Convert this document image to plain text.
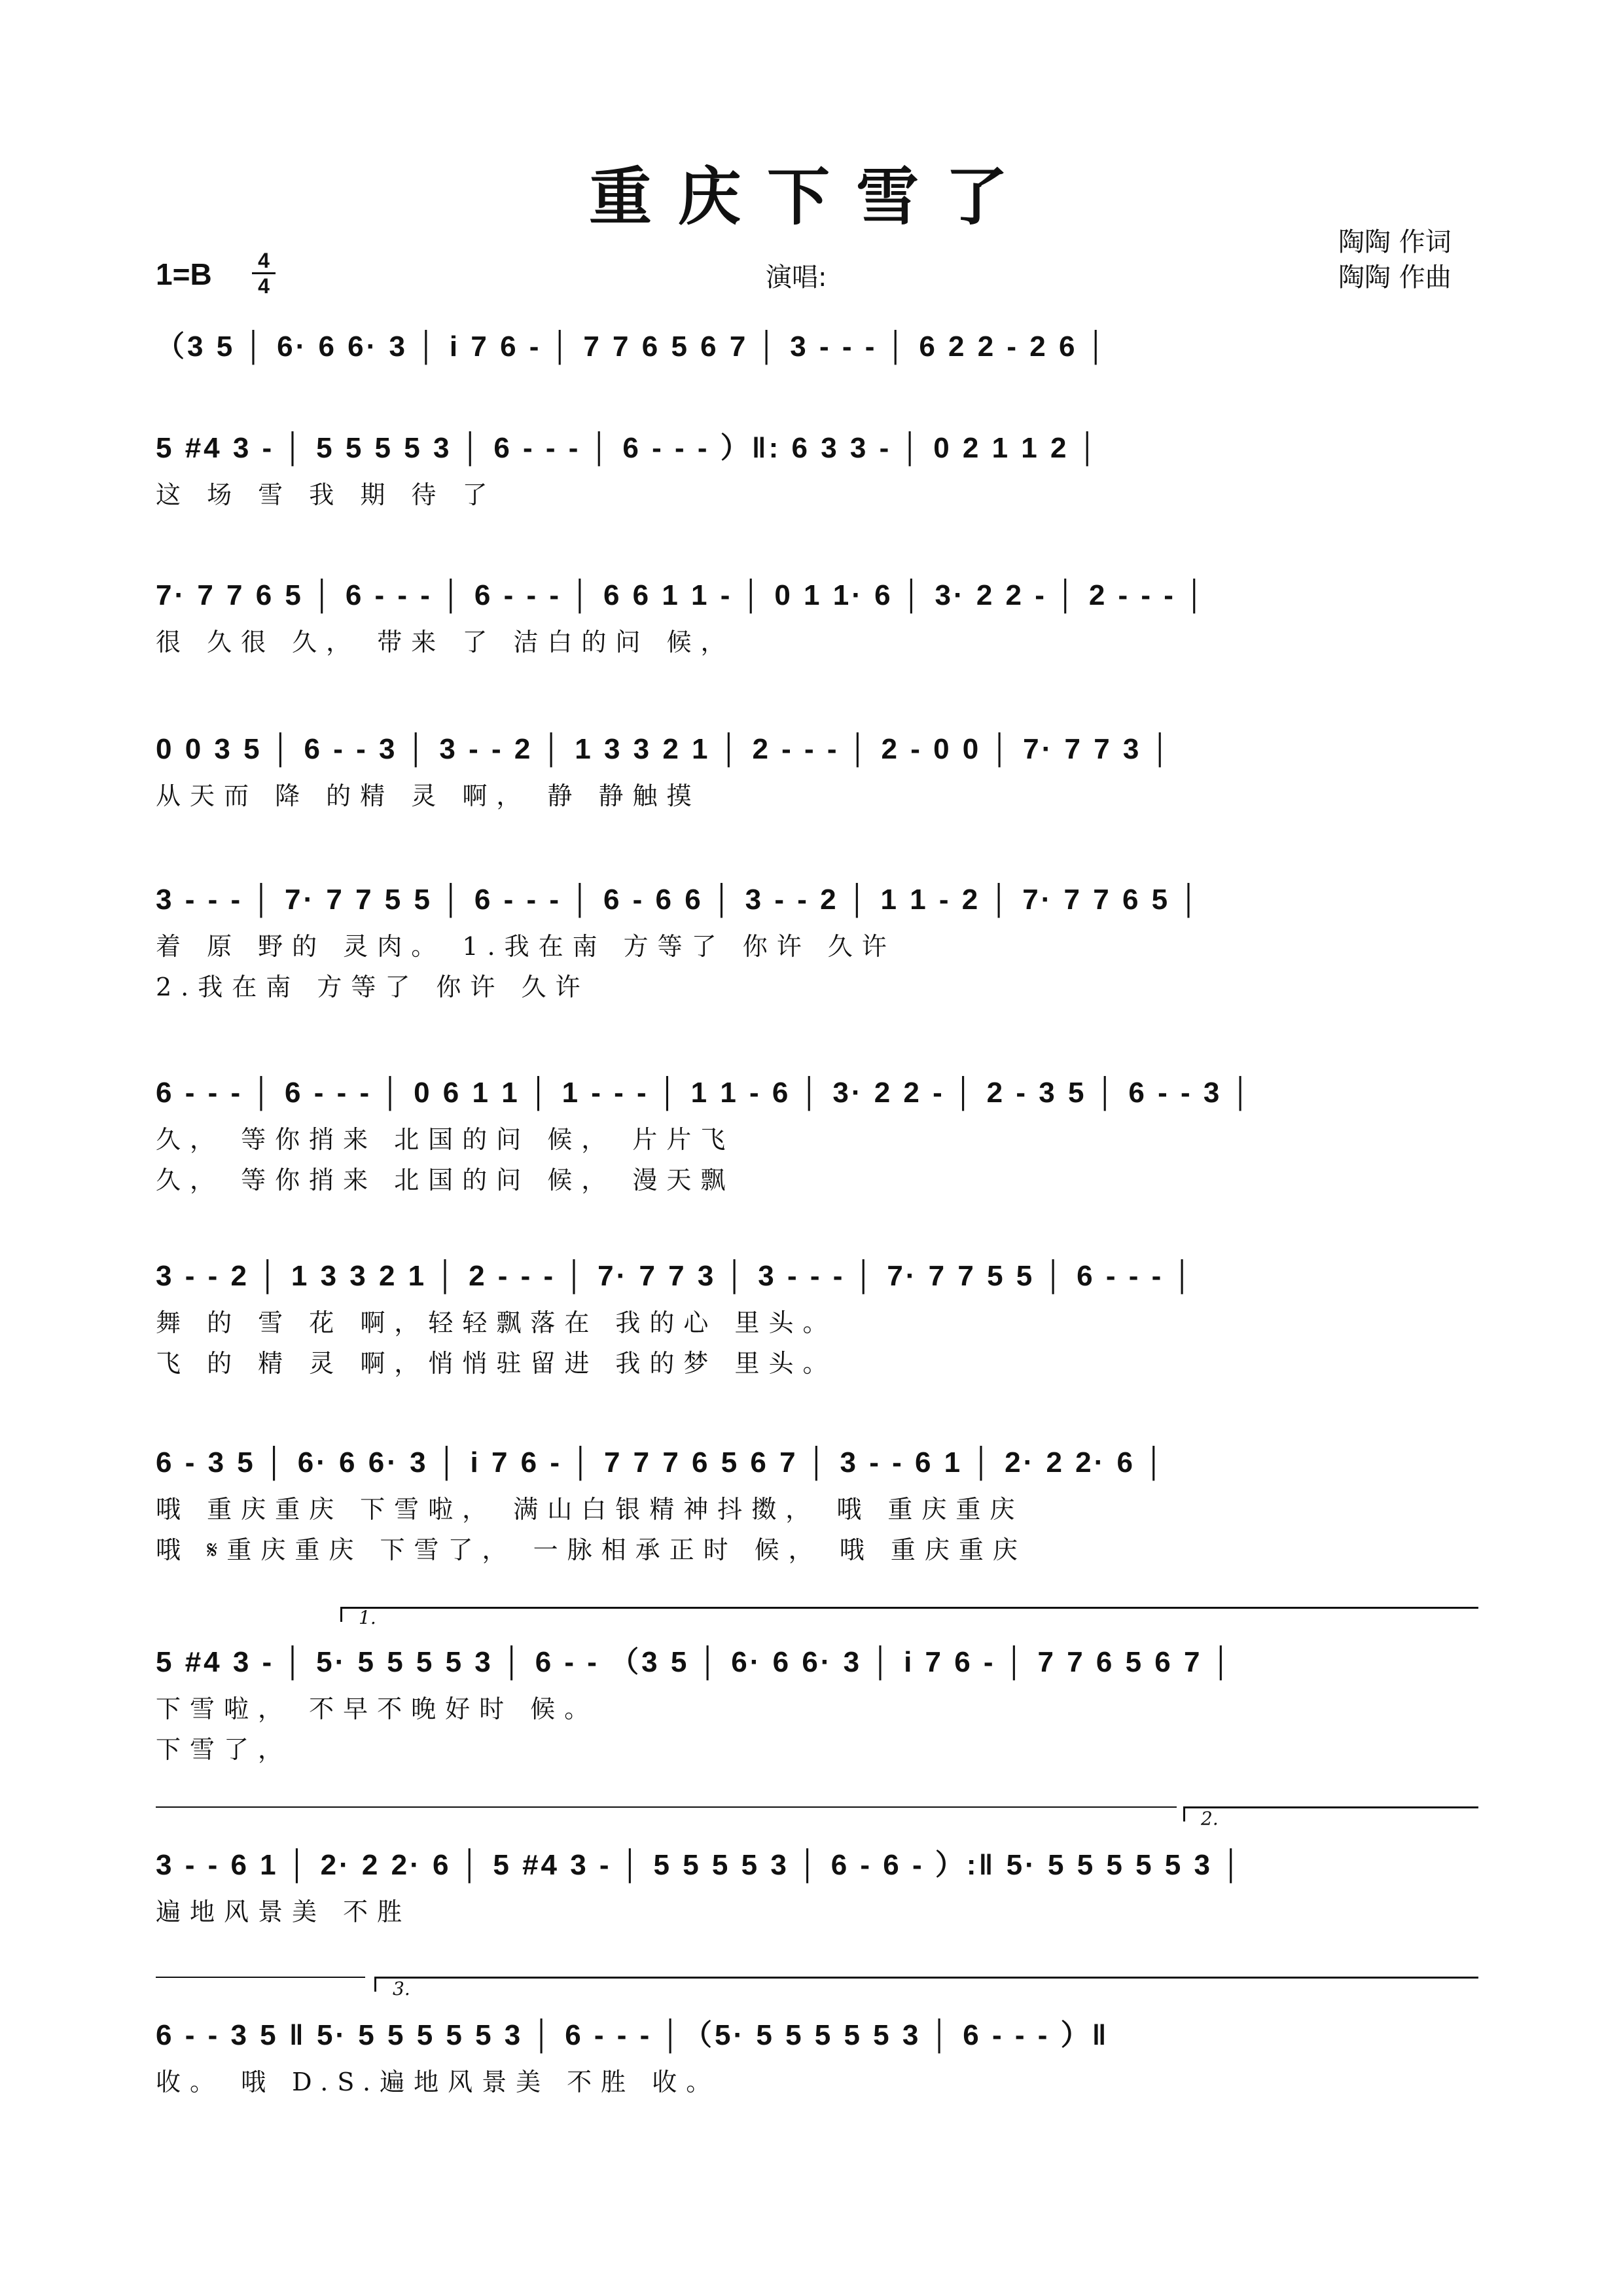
重庆下雪了
1=B 4
4	演唱:
陶陶 作词
陶陶 作曲
（3 5 │ 6· 6 6· 3 │ i 7 6 - │ 7 7 6 5 6 7 │ 3 - - - │ 6 2 2 - 2 6 │
5 #4 3 - │ 5 5 5 5 3 │ 6 - - - │ 6 - - - ）‖: 6 3 3 - │ 0 2 1 1 2 │
这 场 雪 我 期 待 了
7· 7 7 6 5 │ 6 - - - │ 6 - - - │ 6 6 1 1 - │ 0 1 1· 6 │ 3· 2 2 - │ 2 - - - │
很 久很 久， 带来 了 洁白的问 候，
0 0 3 5 │ 6 - - 3 │ 3 - - 2 │ 1 3 3 2 1 │ 2 - - - │ 2 - 0 0 │ 7· 7 7 3 │
从天而 降 的精 灵 啊， 静 静触摸
3 - - - │ 7· 7 7 5 5 │ 6 - - - │ 6 - 6 6 │ 3 - - 2 │ 1 1 - 2 │ 7· 7 7 6 5 │
着 原 野的 灵肉。 1.我在南 方等了 你许 久许
2.我在南 方等了 你许 久许
6 - - - │ 6 - - - │ 0 6 1 1 │ 1 - - - │ 1 1 - 6 │ 3· 2 2 - │ 2 - 3 5 │ 6 - - 3 │
久， 等你捎来 北国的问 候， 片片飞
久， 等你捎来 北国的问 候， 漫天飘
3 - - 2 │ 1 3 3 2 1 │ 2 - - - │ 7· 7 7 3 │ 3 - - - │ 7· 7 7 5 5 │ 6 - - - │
舞 的 雪 花 啊，轻轻飘落在 我的心 里头。
飞 的 精 灵 啊，悄悄驻留进 我的梦 里头。
6 - 3 5 │ 6· 6 6· 3 │ i 7 6 - │ 7 7 7 6 5 6 7 │ 3 - - 6 1 │ 2· 2 2· 6 │
哦 重庆重庆 下雪啦， 满山白银精神抖擞， 哦 重庆重庆
哦 𝄋重庆重庆 下雪了， 一脉相承正时 候， 哦 重庆重庆
1.
5 #4 3 - │ 5· 5 5 5 5 3 │ 6 - - （3 5 │ 6· 6 6· 3 │ i 7 6 - │ 7 7 6 5 6 7 │
下雪啦， 不早不晚好时 候。
下雪了，
2.
3 - - 6 1 │ 2· 2 2· 6 │ 5 #4 3 - │ 5 5 5 5 3 │ 6 - 6 - ）:‖ 5· 5 5 5 5 5 3 │
遍地风景美 不胜
3.
6 - - 3 5 ‖ 5· 5 5 5 5 5 3 │ 6 - - - │（5· 5 5 5 5 5 3 │ 6 - - - ）‖
收。 哦 D.S.遍地风景美 不胜 收。
